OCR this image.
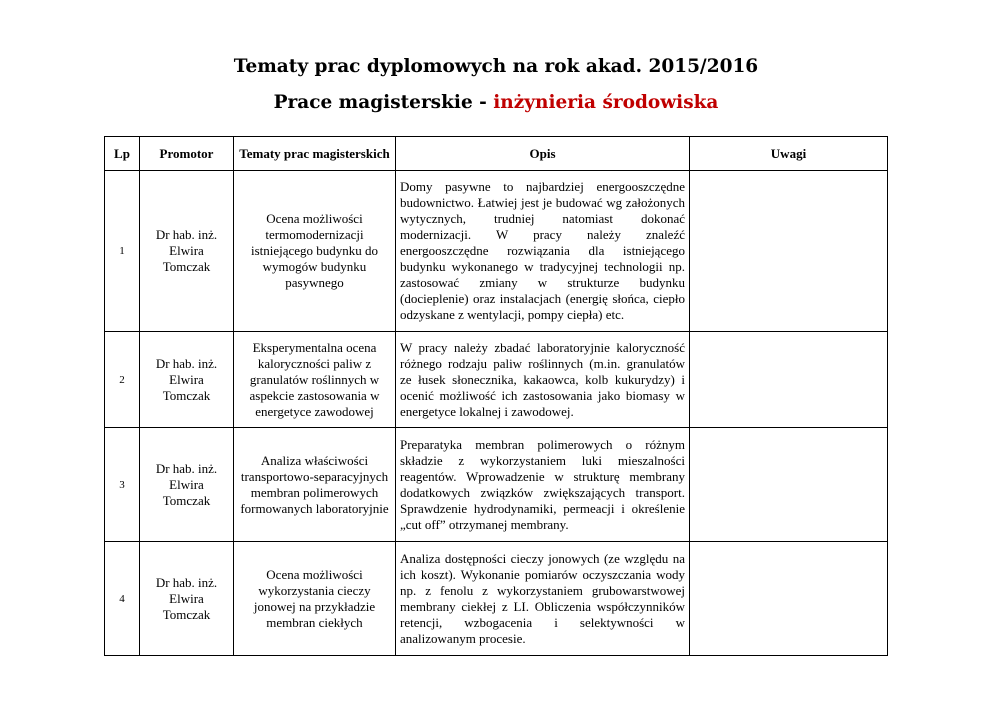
Tematy prac dyplomowych na rok akad. 2015/2016
Prace magisterskie - inżynieria środowiska
Lp	Promotor	Tematy prac magisterskich	Opis	Uwagi
1	Dr hab. inż. Elwira Tomczak	Ocena możliwości termomodernizacji istniejącego budynku do wymogów budynku pasywnego	Domy pasywne to najbardziej energooszczędne budownictwo. Łatwiej jest je budować wg założonych wytycznych, trudniej natomiast dokonać modernizacji. W pracy należy znaleźć energooszczędne rozwiązania dla istniejącego budynku wykonanego w tradycyjnej technologii np. zastosować zmiany w strukturze budynku (docieplenie) oraz instalacjach (energię słońca, ciepło odzyskane z wentylacji, pompy ciepła) etc.	
2	Dr hab. inż. Elwira Tomczak	Eksperymentalna ocena kaloryczności paliw z granulatów roślinnych w aspekcie zastosowania w energetyce zawodowej	W pracy należy zbadać laboratoryjnie kaloryczność różnego rodzaju paliw roślinnych (m.in. granulatów ze łusek słonecznika, kakaowca, kolb kukurydzy) i ocenić możliwość ich zastosowania jako biomasy w energetyce lokalnej i zawodowej.	
3	Dr hab. inż. Elwira Tomczak	Analiza właściwości transportowo-separacyjnych membran polimerowych formowanych laboratoryjnie	Preparatyka membran polimerowych o różnym składzie z wykorzystaniem luki mieszalności reagentów. Wprowadzenie w strukturę membrany dodatkowych związków zwiększających transport. Sprawdzenie hydrodynamiki, permeacji i określenie „cut off” otrzymanej membrany.	
4	Dr hab. inż. Elwira Tomczak	Ocena możliwości wykorzystania cieczy jonowej na przykładzie membran ciekłych	Analiza dostępności cieczy jonowych (ze względu na ich koszt). Wykonanie pomiarów oczyszczania wody np. z fenolu z wykorzystaniem grubowarstwowej membrany ciekłej z LI. Obliczenia współczynników retencji, wzbogacenia i selektywności w analizowanym procesie.	
